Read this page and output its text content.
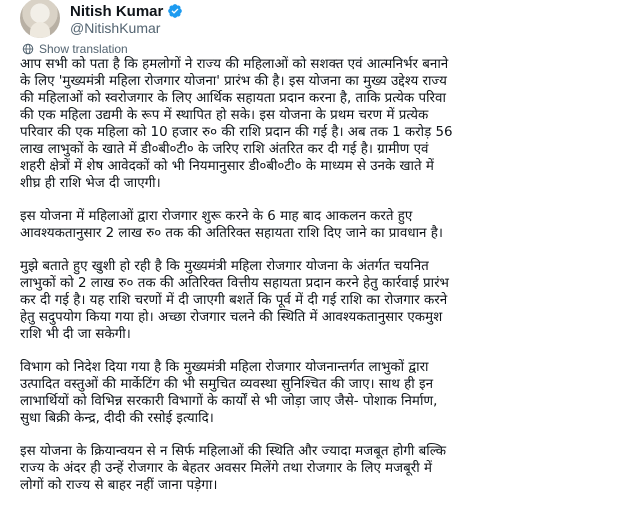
Nitish Kumar
@NitishKumar
Show translation
आप सभी को पता है कि हमलोगों ने राज्य की महिलाओं को सशक्त एवं आत्मनिर्भर बनाने
के लिए 'मुख्यमंत्री महिला रोजगार योजना' प्रारंभ की है। इस योजना का मुख्य उद्देश्य राज्य
की महिलाओं को स्वरोजगार के लिए आर्थिक सहायता प्रदान करना है, ताकि प्रत्येक परिवा
की एक महिला उद्यमी के रूप में स्थापित हो सके। इस योजना के प्रथम चरण में प्रत्येक
परिवार की एक महिला को 10 हजार रु० की राशि प्रदान की गई है। अब तक 1 करोड़ 56
लाख लाभुकों के खाते में डी०बी०टी० के जरिए राशि अंतरित कर दी गई है। ग्रामीण एवं
शहरी क्षेत्रों में शेष आवेदकों को भी नियमानुसार डी०बी०टी० के माध्यम से उनके खाते में
शीघ्र ही राशि भेज दी जाएगी।
इस योजना में महिलाओं द्वारा रोजगार शुरू करने के 6 माह बाद आकलन करते हुए
आवश्यकतानुसार 2 लाख रु० तक की अतिरिक्त सहायता राशि दिए जाने का प्रावधान है।
मुझे बताते हुए खुशी हो रही है कि मुख्यमंत्री महिला रोजगार योजना के अंतर्गत चयनित
लाभुकों को 2 लाख रु० तक की अतिरिक्त वित्तीय सहायता प्रदान करने हेतु कार्रवाई प्रारंभ
कर दी गई है। यह राशि चरणों में दी जाएगी बशर्ते कि पूर्व में दी गई राशि का रोजगार करने
हेतु सदुपयोग किया गया हो। अच्छा रोजगार चलने की स्थिति में आवश्यकतानुसार एकमुश
राशि भी दी जा सकेगी।
विभाग को निदेश दिया गया है कि मुख्यमंत्री महिला रोजगार योजनान्तर्गत लाभुकों द्वारा
उत्पादित वस्तुओं की मार्केटिंग की भी समुचित व्यवस्था सुनिश्चित की जाए। साथ ही इन
लाभार्थियों को विभिन्न सरकारी विभागों के कार्यों से भी जोड़ा जाए जैसे- पोशाक निर्माण,
सुधा बिक्री केन्द्र, दीदी की रसोई इत्यादि।
इस योजना के क्रियान्वयन से न सिर्फ महिलाओं की स्थिति और ज्यादा मजबूत होगी बल्कि
राज्य के अंदर ही उन्हें रोजगार के बेहतर अवसर मिलेंगे तथा रोजगार के लिए मजबूरी में
लोगों को राज्य से बाहर नहीं जाना पड़ेगा।
